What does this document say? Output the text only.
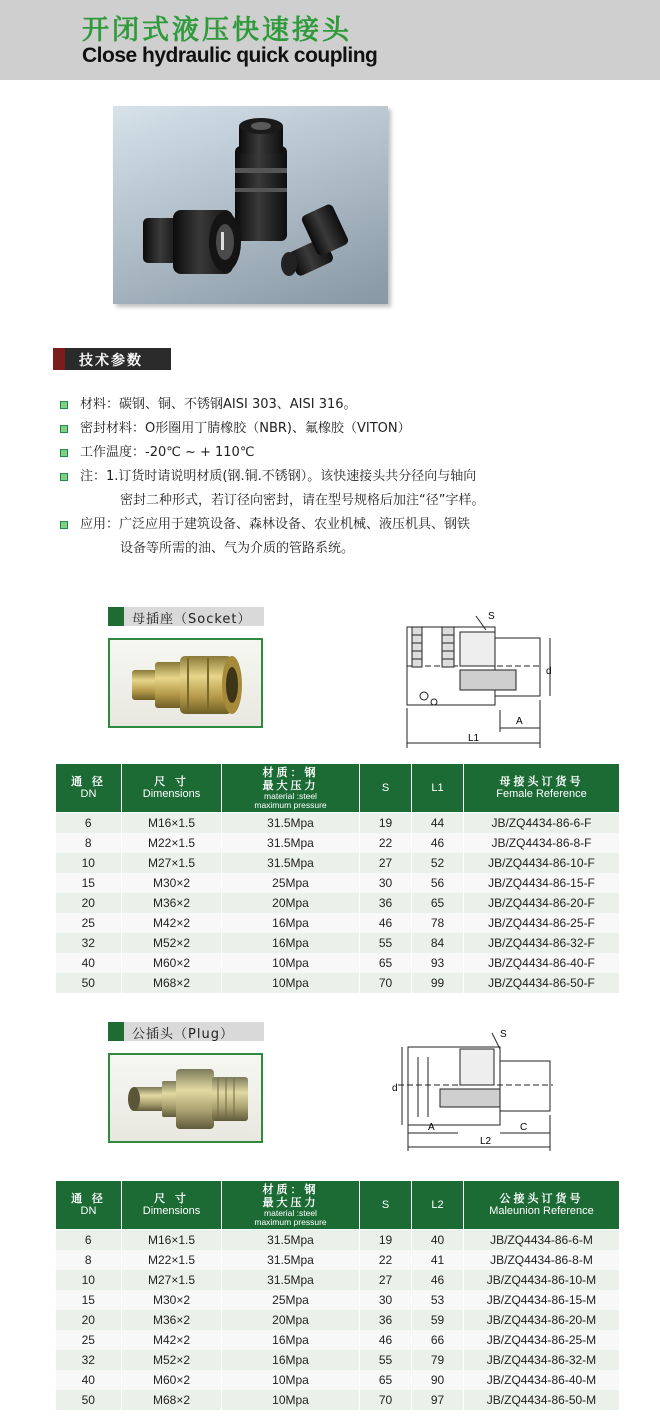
开闭式液压快速接头
Close hydraulic quick coupling
技术参数
材料：碳钢、铜、不锈钢AISI 303、AISI 316。
密封材料：O形圈用丁腈橡胶（NBR)、氟橡胶（VITON）
工作温度：-20℃ ~ + 110℃
注：1.订货时请说明材质(钢.铜.不锈钢）。该快速接头共分径向与轴向
密封二种形式，若订径向密封，请在型号规格后加注“径”字样。
应用：广泛应用于建筑设备、森林设备、农业机械、液压机具、钢铁
设备等所需的油、气为介质的管路系统。
母插座（Socket）	S
d
A
L1
通 径
DN	尺 寸
Dimensions	材质：钢
最大压力
material :steel
maximum pressure	S	L1	母接头订货号
Female Reference
6	M16×1.5	31.5Mpa	19	44	JB/ZQ4434-86-6-F
8	M22×1.5	31.5Mpa	22	46	JB/ZQ4434-86-8-F
10	M27×1.5	31.5Mpa	27	52	JB/ZQ4434-86-10-F
15	M30×2	25Mpa	30	56	JB/ZQ4434-86-15-F
20	M36×2	20Mpa	36	65	JB/ZQ4434-86-20-F
25	M42×2	16Mpa	46	78	JB/ZQ4434-86-25-F
32	M52×2	16Mpa	55	84	JB/ZQ4434-86-32-F
40	M60×2	10Mpa	65	93	JB/ZQ4434-86-40-F
50	M68×2	10Mpa	70	99	JB/ZQ4434-86-50-F
公插头（Plug）	S
d
A
L2
C
通 径
DN	尺 寸
Dimensions	材质：钢
最大压力
material :steel
maximum pressure	S	L2	公接头订货号
Maleunion Reference
6	M16×1.5	31.5Mpa	19	40	JB/ZQ4434-86-6-M
8	M22×1.5	31.5Mpa	22	41	JB/ZQ4434-86-8-M
10	M27×1.5	31.5Mpa	27	46	JB/ZQ4434-86-10-M
15	M30×2	25Mpa	30	53	JB/ZQ4434-86-15-M
20	M36×2	20Mpa	36	59	JB/ZQ4434-86-20-M
25	M42×2	16Mpa	46	66	JB/ZQ4434-86-25-M
32	M52×2	16Mpa	55	79	JB/ZQ4434-86-32-M
40	M60×2	10Mpa	65	90	JB/ZQ4434-86-40-M
50	M68×2	10Mpa	70	97	JB/ZQ4434-86-50-M
